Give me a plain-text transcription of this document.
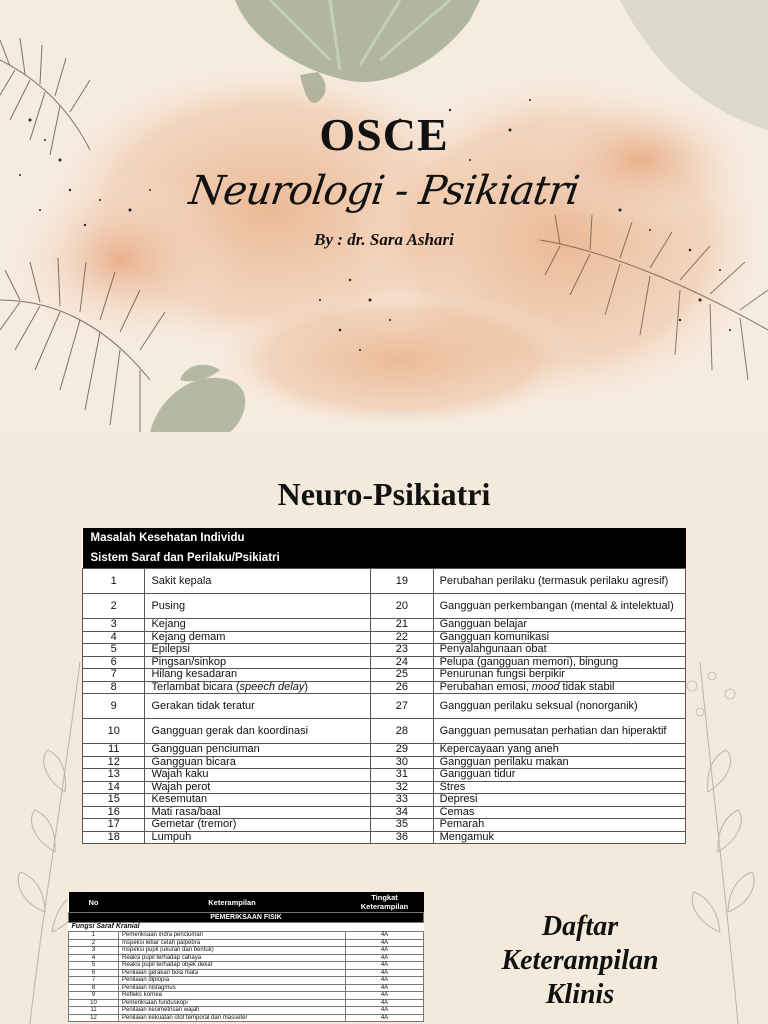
OSCE
Neurologi - Psikiatri
By : dr. Sara Ashari
Neuro-Psikiatri
Masalah Kesehatan Individu			
Sistem Saraf dan Perilaku/Psikiatri			
1	Sakit kepala	19	Perubahan perilaku (termasuk perilaku agresif)
2	Pusing	20	Gangguan perkembangan (mental & intelektual)
3	Kejang	21	Gangguan belajar
4	Kejang demam	22	Gangguan komunikasi
5	Epilepsi	23	Penyalahgunaan obat
6	Pingsan/sinkop	24	Pelupa (gangguan memori), bingung
7	Hilang kesadaran	25	Penurunan fungsi berpikir
8	Terlambat bicara (speech delay)	26	Perubahan emosi, mood tidak stabil
9	Gerakan tidak teratur	27	Gangguan perilaku seksual (nonorganik)
10	Gangguan gerak dan koordinasi	28	Gangguan pemusatan perhatian dan hiperaktif
11	Gangguan penciuman	29	Kepercayaan yang aneh
12	Gangguan bicara	30	Gangguan perilaku makan
13	Wajah kaku	31	Gangguan tidur
14	Wajah perot	32	Stres
15	Kesemutan	33	Depresi
16	Mati rasa/baal	34	Cemas
17	Gemetar (tremor)	35	Pemarah
18	Lumpuh	36	Mengamuk
No	Keterampilan	Tingkat Keterampilan
PEMERIKSAAN FISIK		
Fungsi Saraf Kranial		
1	Pemeriksaan indra penciuman	4A
2	Inspeksi lebar celah palpebra	4A
3	Inspeksi pupil (ukuran dan bentuk)	4A
4	Reaksi pupil terhadap cahaya	4A
5	Reaksi pupil terhadap objek dekat	4A
6	Penilaian gerakan bola mata	4A
7	Penilaian diplopia	4A
8	Penilaian nistagmus	4A
9	Refleks kornea	4A
10	Pemeriksaan funduskopi	4A
11	Penilaian kesimetrisan wajah	4A
12	Penilaian kekuatan otot temporal dan masseter	4A
Daftar
Keterampilan
Klinis
